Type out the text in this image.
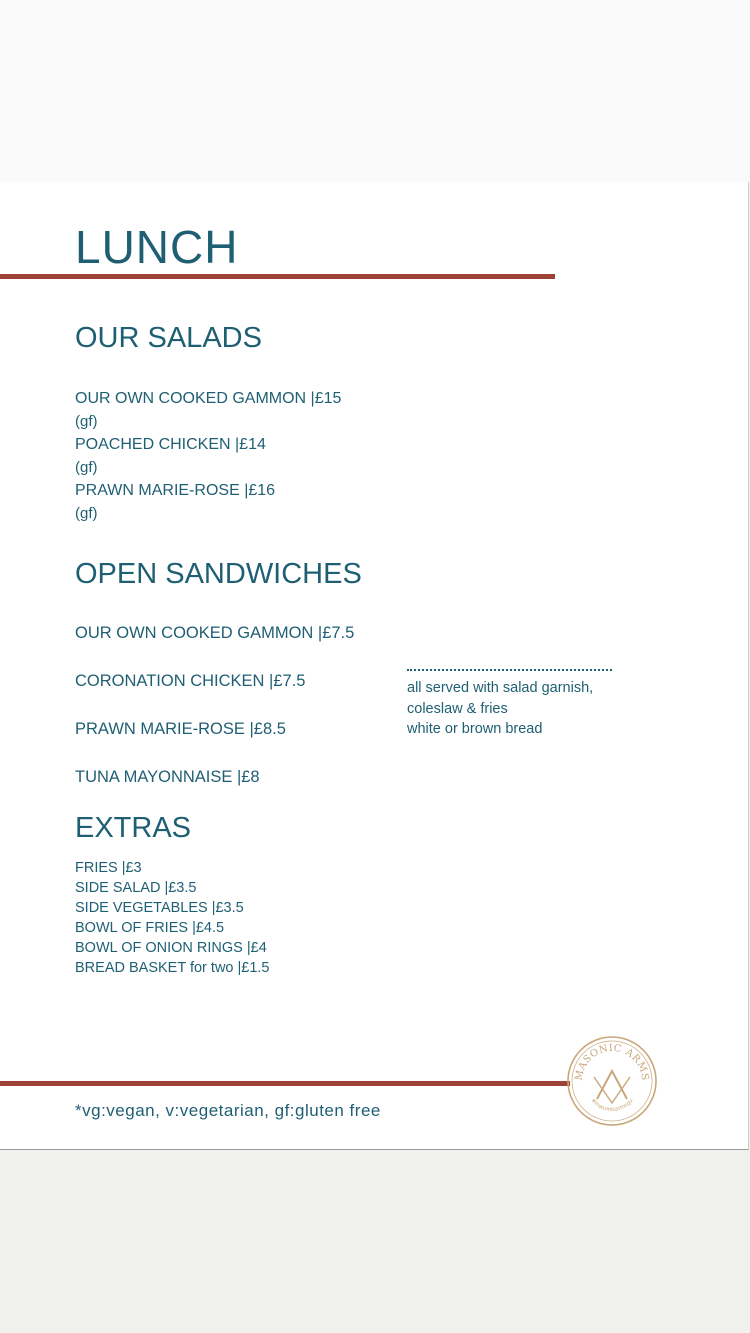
LUNCH
OUR SALADS
OUR OWN COOKED GAMMON |£15
(gf)
POACHED CHICKEN |£14
(gf)
PRAWN MARIE-ROSE |£16
(gf)
OPEN SANDWICHES
OUR OWN COOKED GAMMON |£7.5
CORONATION CHICKEN |£7.5
PRAWN MARIE-ROSE |£8.5
TUNA MAYONNAISE |£8
all served with salad garnish,
coleslaw & fries
white or brown bread
EXTRAS
FRIES |£3
SIDE SALAD |£3.5
SIDE VEGETABLES |£3.5
BOWL OF FRIES |£4.5
BOWL OF ONION RINGS |£4
BREAD BASKET for two |£1.5
*vg:vegan, v:vegetarian, gf:gluten free
MASONIC ARMS
#masonicarmsgu
